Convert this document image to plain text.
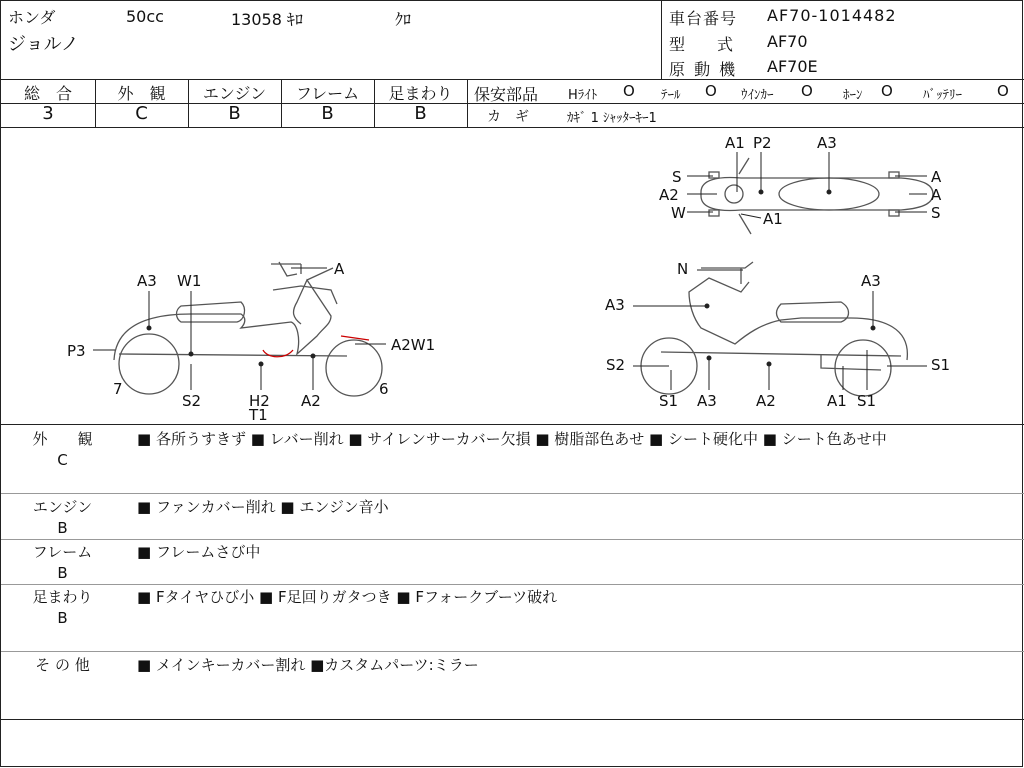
ホンダ	50cc	13058 ｷﾛ	ｸﾛ
ジョルノ
車台番号 AF70-1014482
型　　式 AF70
原 動 機 AF70E
総　合
3
外　観
C
エンジン
B
フレーム
B
足まわり
B
保安部品 Hﾗｲﾄ O ﾃｰﾙ O ｳｲﾝｶｰ O ﾎｰﾝ O ﾊﾞｯﾃﾘｰ O
カ　ギ	ｶｷﾞ 1 ｼｬｯﾀｰｷｰ1
A1 P2	A3
S
A2
W	A1
A
A
S
A3 W1
P3
7
S2	H2
T1
A2
6
A
A2W1
N
A3
A3
S2
S1 A3	A2	A1 S1
S1
外　　観
C
■ 各所うすきず ■ レバー削れ ■ サイレンサーカバー欠損 ■ 樹脂部色あせ ■ シート硬化中 ■ シート色あせ中
エンジン
B
■ ファンカバー削れ ■ エンジン音小
フレーム
B
■ フレームさび中
足まわり
B
■ Fタイヤひび小 ■ F足回りガタつき ■ Fフォークブーツ破れ
そ の 他	■ メインキーカバー割れ ■カスタムパーツ:ミラー
